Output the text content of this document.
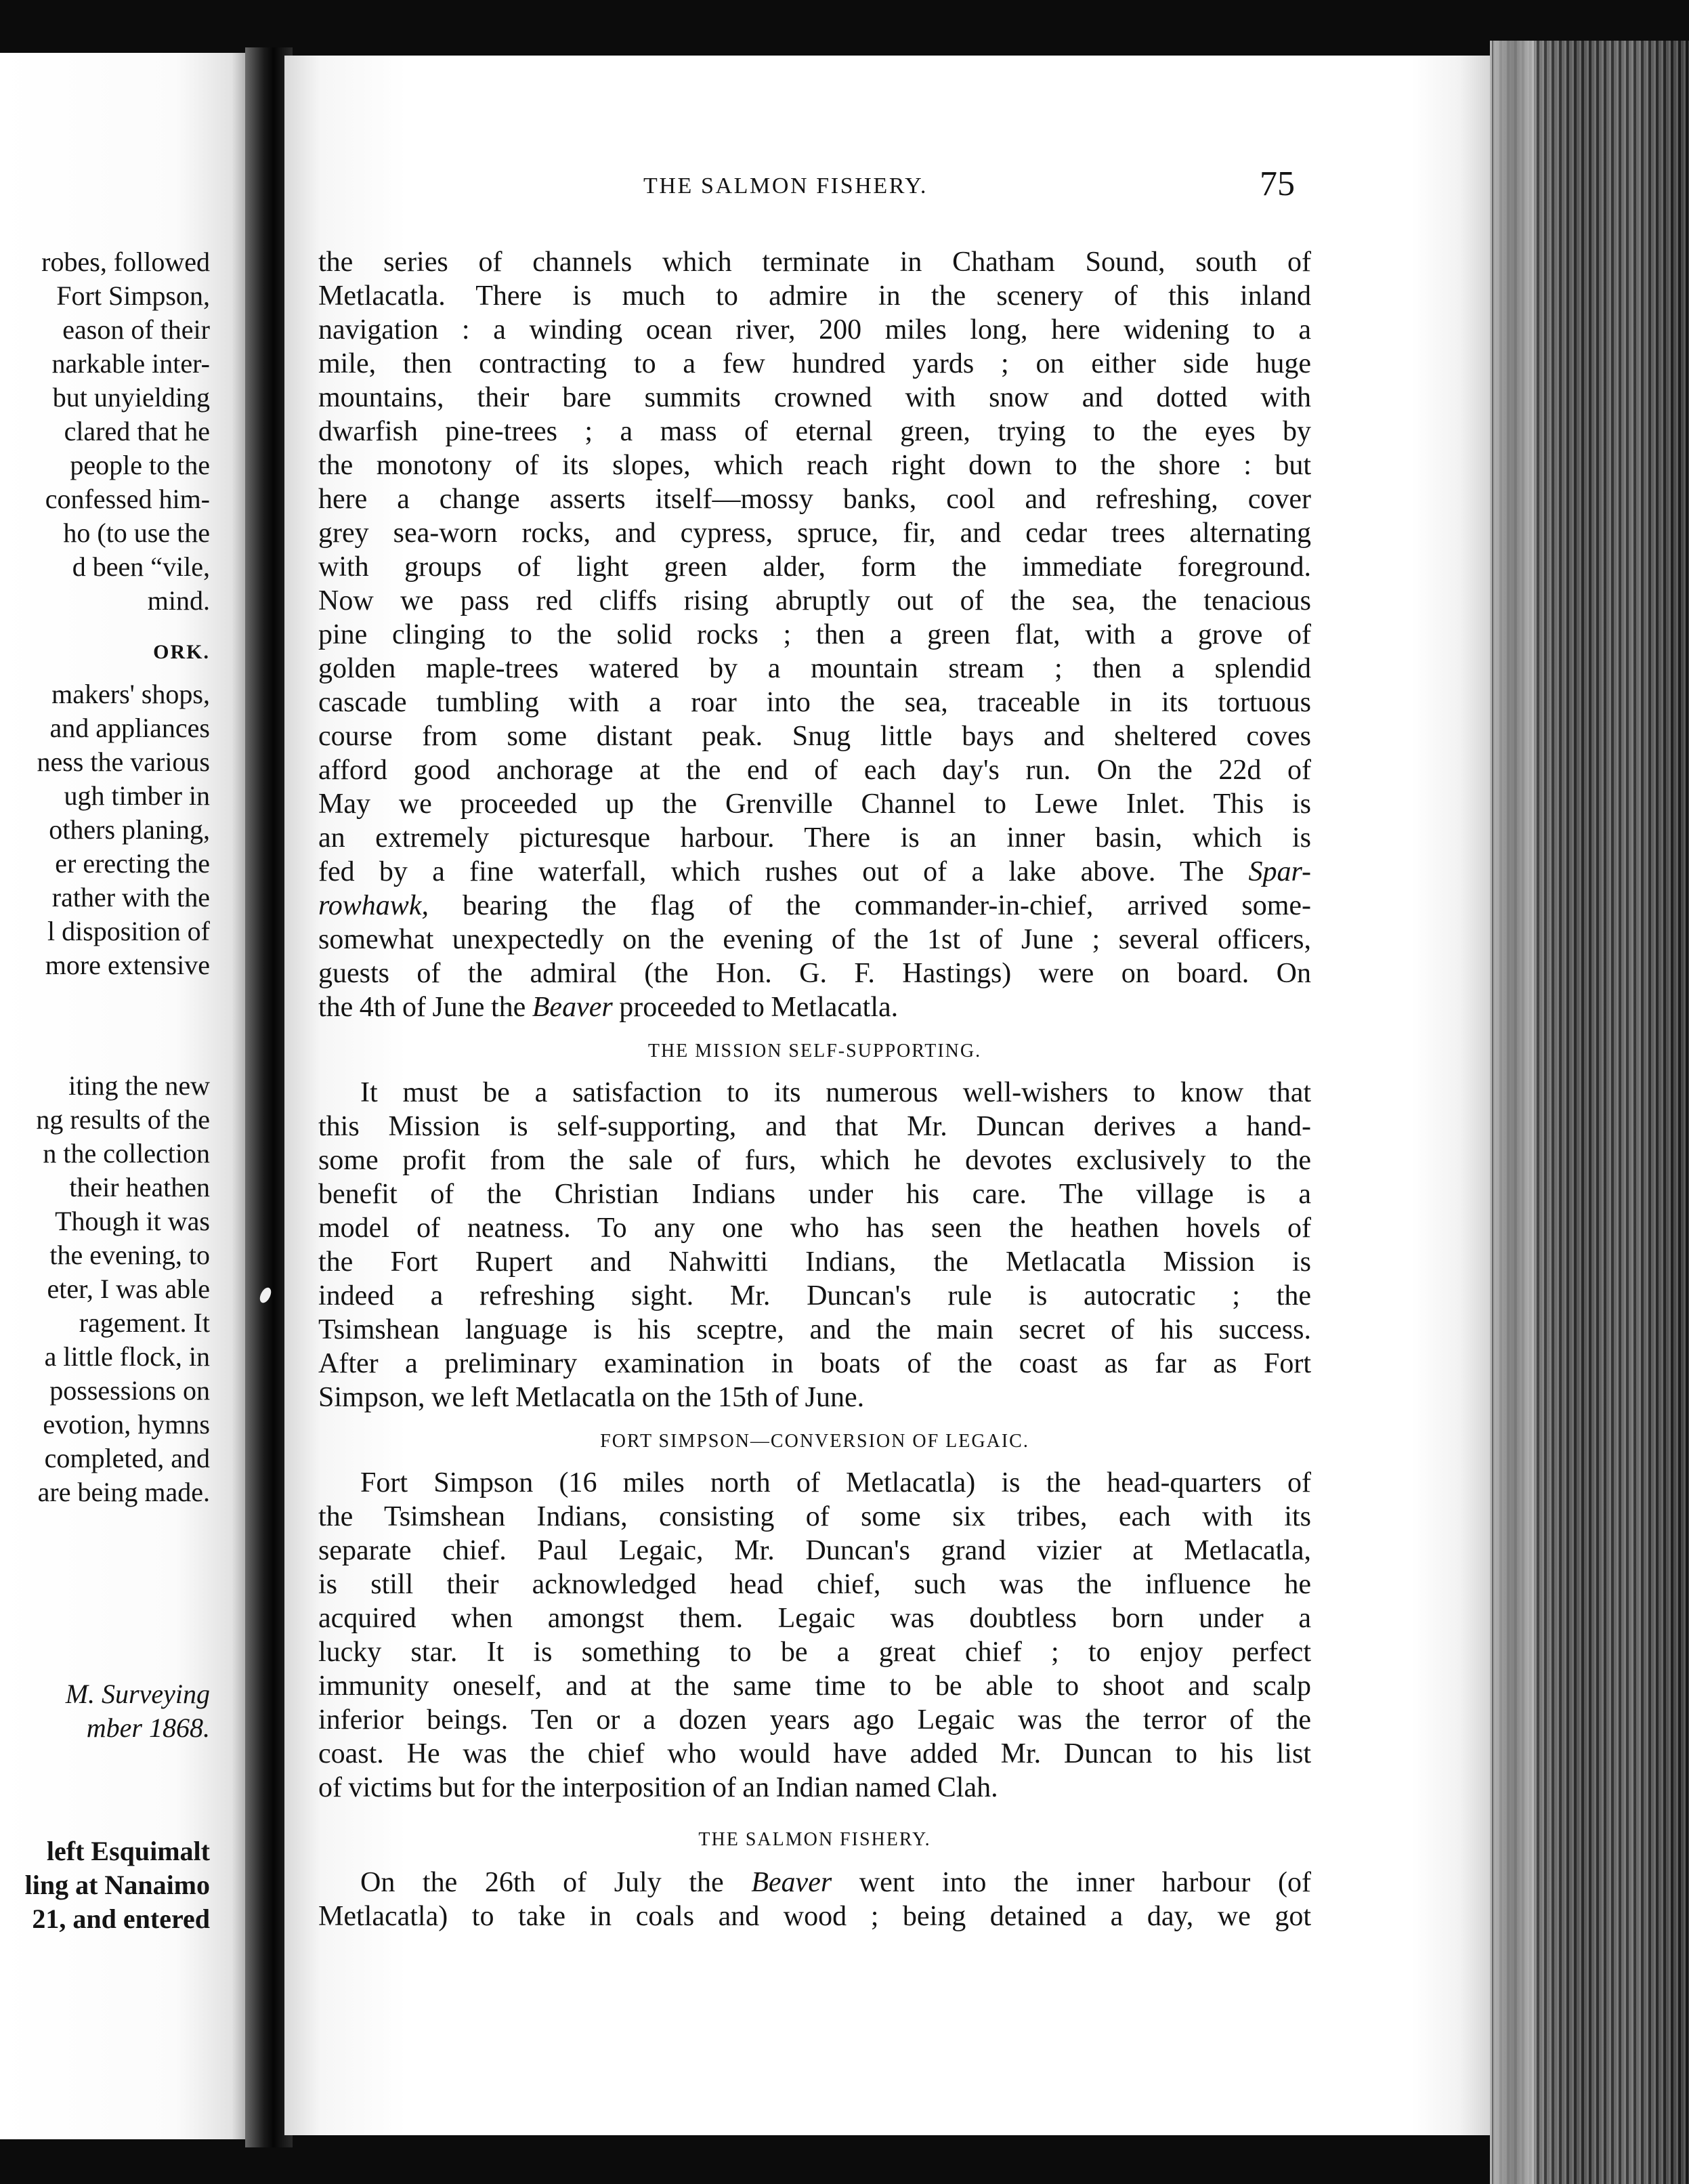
robes, followed
Fort Simpson,
eason of their
narkable inter-
but unyielding
clared that he
people to the
confessed him-
ho (to use the
d been “vile,
mind.
ORK.
makers' shops,
and appliances
ness the various
ugh timber in
others planing,
er erecting the
rather with the
l disposition of
more extensive
iting the new
ng results of the
n the collection
their heathen
Though it was
the evening, to
eter, I was able
ragement. It
a little flock, in
possessions on
evotion, hymns
completed, and
are being made.
M. Surveying
mber 1868.
left Esquimalt
ling at Nanaimo
21, and entered
THE SALMON FISHERY.	75
the series of channels which terminate in Chatham Sound, south of
Metlacatla. There is much to admire in the scenery of this inland
navigation : a winding ocean river, 200 miles long, here widening to a
mile, then contracting to a few hundred yards ; on either side huge
mountains, their bare summits crowned with snow and dotted with
dwarfish pine-trees ; a mass of eternal green, trying to the eyes by
the monotony of its slopes, which reach right down to the shore : but
here a change asserts itself—mossy banks, cool and refreshing, cover
grey sea-worn rocks, and cypress, spruce, fir, and cedar trees alternating
with groups of light green alder, form the immediate foreground.
Now we pass red cliffs rising abruptly out of the sea, the tenacious
pine clinging to the solid rocks ; then a green flat, with a grove of
golden maple-trees watered by a mountain stream ; then a splendid
cascade tumbling with a roar into the sea, traceable in its tortuous
course from some distant peak. Snug little bays and sheltered coves
afford good anchorage at the end of each day's run. On the 22d of
May we proceeded up the Grenville Channel to Lewe Inlet. This is
an extremely picturesque harbour. There is an inner basin, which is
fed by a fine waterfall, which rushes out of a lake above. The Spar-
rowhawk, bearing the flag of the commander-in-chief, arrived some-
somewhat unexpectedly on the evening of the 1st of June ; several officers,
guests of the admiral (the Hon. G. F. Hastings) were on board. On
the 4th of June the Beaver proceeded to Metlacatla.
THE MISSION SELF-SUPPORTING.
It must be a satisfaction to its numerous well-wishers to know that
this Mission is self-supporting, and that Mr. Duncan derives a hand-
some profit from the sale of furs, which he devotes exclusively to the
benefit of the Christian Indians under his care. The village is a
model of neatness. To any one who has seen the heathen hovels of
the Fort Rupert and Nahwitti Indians, the Metlacatla Mission is
indeed a refreshing sight. Mr. Duncan's rule is autocratic ; the
Tsimshean language is his sceptre, and the main secret of his success.
After a preliminary examination in boats of the coast as far as Fort
Simpson, we left Metlacatla on the 15th of June.
FORT SIMPSON—CONVERSION OF LEGAIC.
Fort Simpson (16 miles north of Metlacatla) is the head-quarters of
the Tsimshean Indians, consisting of some six tribes, each with its
separate chief. Paul Legaic, Mr. Duncan's grand vizier at Metlacatla,
is still their acknowledged head chief, such was the influence he
acquired when amongst them. Legaic was doubtless born under a
lucky star. It is something to be a great chief ; to enjoy perfect
immunity oneself, and at the same time to be able to shoot and scalp
inferior beings. Ten or a dozen years ago Legaic was the terror of the
coast. He was the chief who would have added Mr. Duncan to his list
of victims but for the interposition of an Indian named Clah.
THE SALMON FISHERY.
On the 26th of July the Beaver went into the inner harbour (of
Metlacatla) to take in coals and wood ; being detained a day, we got
